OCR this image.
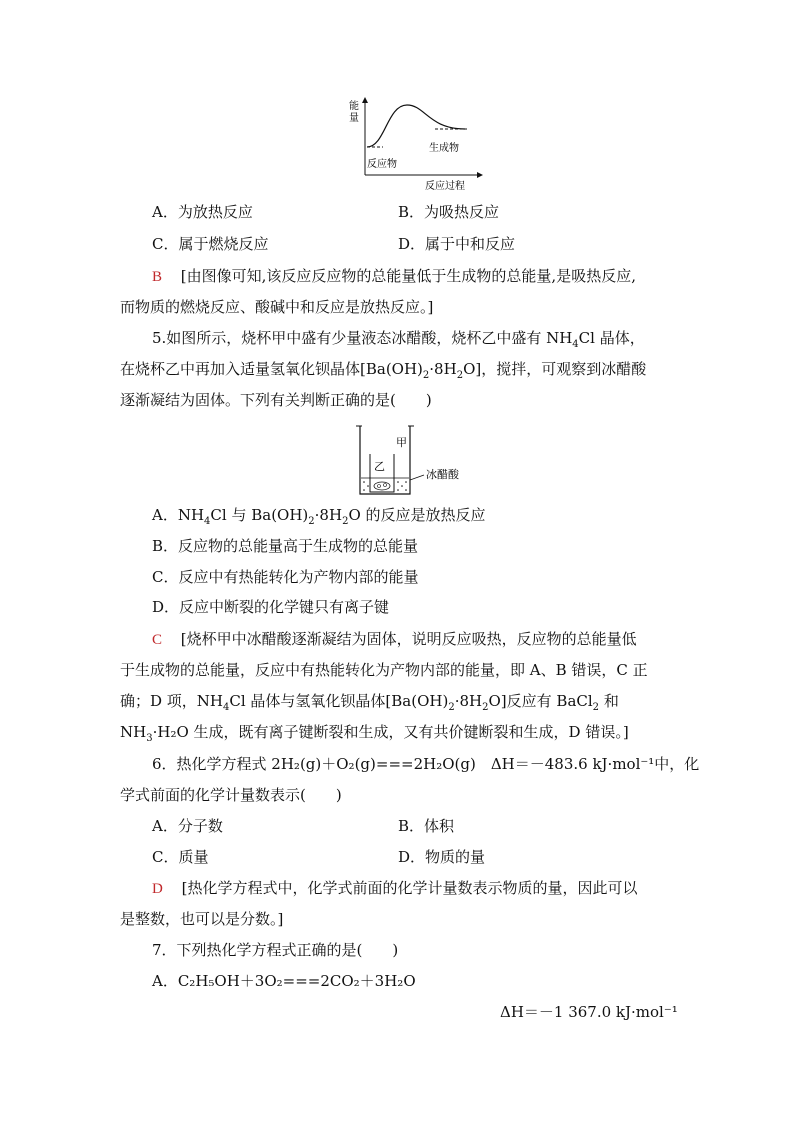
能
量
反应物
生成物
反应过程
A．为放热反应	B．为吸热反应
C．属于燃烧反应	D．属于中和反应
B [由图像可知,该反应反应物的总能量低于生成物的总能量,是吸热反应,
而物质的燃烧反应、酸碱中和反应是放热反应。]
5.如图所示，烧杯甲中盛有少量液态冰醋酸，烧杯乙中盛有 $NH_4Cl$ 晶体，
在烧杯乙中再加入适量氢氧化钡晶体$[Ba(OH)_2\cdot 8H_2O]$，搅拌，可观察到冰醋酸
逐渐凝结为固体。下列有关判断正确的是(　　)
甲
乙
冰醋酸
A．$NH_4Cl$ 与 $Ba(OH)_2\cdot 8H_2O$ 的反应是放热反应
B．反应物的总能量高于生成物的总能量
C．反应中有热能转化为产物内部的能量
D．反应中断裂的化学键只有离子键
C [烧杯甲中冰醋酸逐渐凝结为固体，说明反应吸热，反应物的总能量低
于生成物的总能量，反应中有热能转化为产物内部的能量，即 A、B 错误，C 正
确；D 项，$NH_4Cl$ 晶体与氢氧化钡晶体$[Ba(OH)_2\cdot 8H_2O]$反应有 BaCl$_2$ 和
$NH_3\cdot H_2O$ 生成，既有离子键断裂和生成，又有共价键断裂和生成，D 错误。]
6．热化学方程式 2H₂(g)＋O₂(g)===2H₂O(g)　ΔH＝－483.6 kJ·mol⁻¹中，化
学式前面的化学计量数表示(　　)
A．分子数	B．体积
C．质量	D．物质的量
D [热化学方程式中，化学式前面的化学计量数表示物质的量，因此可以
是整数，也可以是分数。]
7．下列热化学方程式正确的是(　　)
A．C₂H₅OH＋3O₂===2CO₂＋3H₂O
ΔH＝－1 367.0 kJ·mol⁻¹
